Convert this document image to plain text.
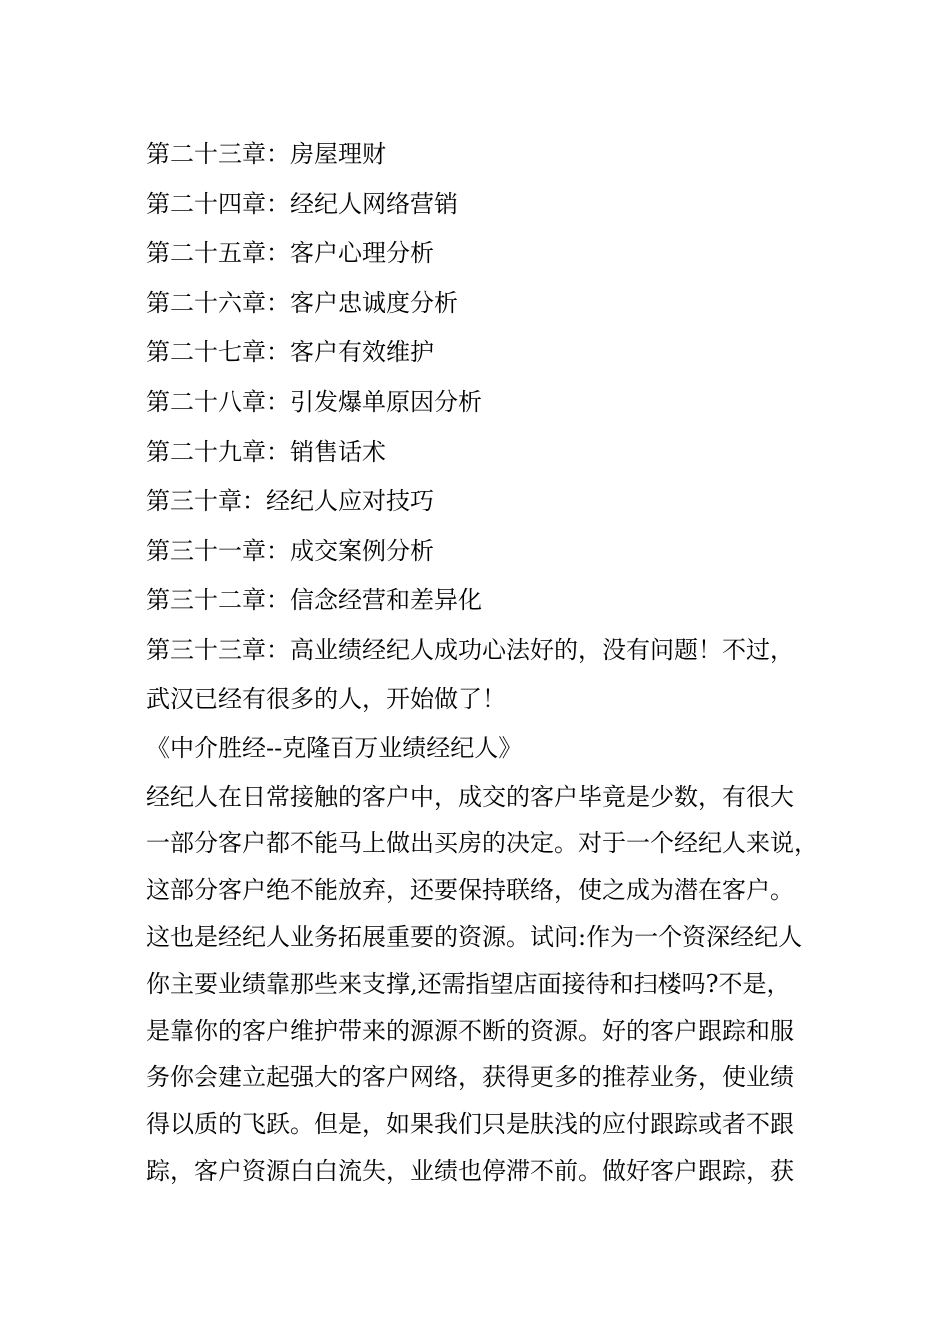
第二十三章：房屋理财
第二十四章：经纪人网络营销
第二十五章：客户心理分析
第二十六章：客户忠诚度分析
第二十七章：客户有效维护
第二十八章：引发爆单原因分析
第二十九章：销售话术
第三十章：经纪人应对技巧
第三十一章：成交案例分析
第三十二章：信念经营和差异化
第三十三章：高业绩经纪人成功心法好的，没有问题！不过，
武汉已经有很多的人，开始做了！
《中介胜经--克隆百万业绩经纪人》
经纪人在日常接触的客户中，成交的客户毕竟是少数，有很大
一部分客户都不能马上做出买房的决定。对于一个经纪人来说，
这部分客户绝不能放弃，还要保持联络，使之成为潜在客户。
这也是经纪人业务拓展重要的资源。试问:作为一个资深经纪人
你主要业绩靠那些来支撑,还需指望店面接待和扫楼吗?不是，
是靠你的客户维护带来的源源不断的资源。好的客户跟踪和服
务你会建立起强大的客户网络，获得更多的推荐业务，使业绩
得以质的飞跃。但是，如果我们只是肤浅的应付跟踪或者不跟
踪，客户资源白白流失，业绩也停滞不前。做好客户跟踪，获
